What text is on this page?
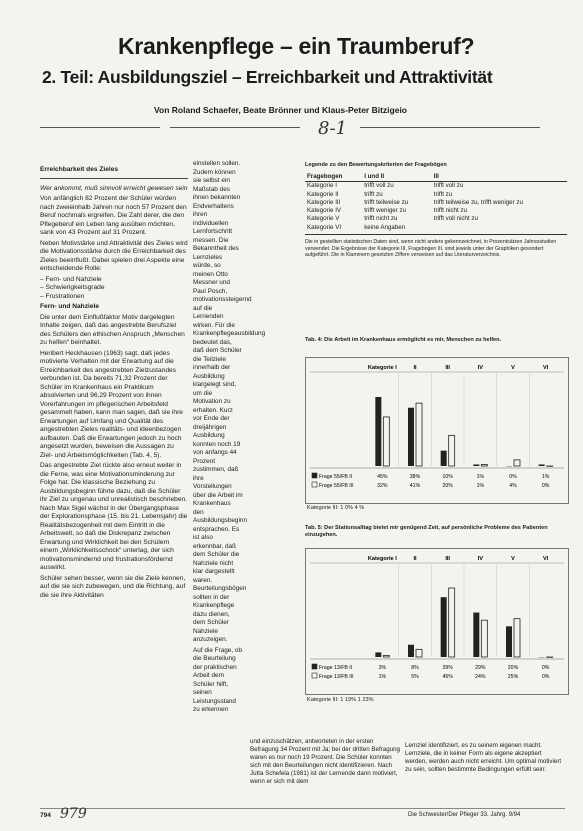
Krankenpflege – ein Traumberuf?
2. Teil: Ausbildungsziel – Erreichbarkeit und Attraktivität
Von Roland Schaefer, Beate Brönner und Klaus-Peter Bitzigeio
8-1

Erreichbarkeit des Zieles

Wer ankommt, muß sinnvoll erreicht gewesen sein

Von anfänglich 82 Prozent der Schüler würden nach zweieinhalb Jahren nur noch 57 Prozent den Beruf nochmals ergreifen. Die Zahl derer, die den Pflegeberuf ein Leben lang ausüben möchten, sank von 43 Prozent auf 31 Prozent.

Neben Motivstärke und Attraktivität des Zieles wird die Motivationsstärke durch die Erreichbarkeit des Zieles beeinflußt. Dabei spielen drei Aspekte eine entscheidende Rolle:

– Fern- und Nahziele

– Schwierigkeitsgrade

– Frustrationen

Fern- und Nahziele

Die unter dem Einflußfaktor Motiv dargelegten Inhalte zeigen, daß das angestrebte Berufsziel des Schülers den ethischen Anspruch „Menschen zu helfen“ beinhaltet.

Heribert Heckhausen (1963) sagt, daß jedes motivierte Verhalten mit der Erwartung auf die Erreichbarkeit des angestrebten Zielzustandes verbunden ist. Da bereits 71,32 Prozent der Schüler im Krankenhaus ein Praktikum absolvierten und 96,29 Prozent von ihnen Vorerfahrungen im pflegerischen Arbeitsfeld gesammelt haben, kann man sagen, daß sie ihre Erwartungen auf Umfang und Qualität des angestrebten Zieles realitäts- und ideenbezogen aufbauten. Daß die Erwartungen jedoch zu hoch angesetzt wurden, beweisen die Aussagen zu Ziel- und Arbeitsmöglichkeiten (Tab. 4, 5).

Das angestrebte Ziel rückte also erneut weiter in die Ferne, was eine Motivationsminderung zur Folge hat. Die klassische Beziehung zu Ausbildungsbeginn führte dazu, daß die Schüler ihr Ziel zu ungenau und unrealistisch beschrieben. Nach Max Sigel wächst in der Übergangsphase der Explorationsphase (15. bis 21. Lebensjahr) die Realitätsbezogenheit mit dem Eintritt in die Arbeitswelt, so daß die Diskrepanz zwischen Erwartung und Wirklichkeit bei den Schülern einem „Wirklichkeitsschock“ unterlag, der sich motivationsmindernd und frustrationsfördernd auswirkt.

Schüler sehen besser, wenn sie die Ziele kennen, auf die sie sich zubewegen, und die Richtung, auf die sie ihre Aktivitäten

einstellen sollen. Zudem können sie selbst ein Maßstab des ihnen bekannten Endverhaltens ihren individuellen Lernfortschritt messen. Die Bekanntheit des Lernzieles würde, so meinen Otto Messner und Paul Posch, motivationssteigernd auf die Lernenden wirken. Für die Krankenpflegeausbildung bedeutet das, daß dem Schüler die Teilziele innerhalb der Ausbildung klargelegt sind, um die Motivation zu erhalten. Kurz vor Ende der dreijährigen Ausbildung konnten noch 19 von anfangs 44 Prozent zustimmen, daß ihre Vorstellungen über die Arbeit im Krankenhaus den Ausbildungsbeginn entsprachen. Es ist also erkennbar, daß dem Schüler die Nahziele nicht klar dargestellt waren. Beurteilungsbögen sollten in der Krankenpflege dazu dienen, dem Schüler Nahziele anzuzeigen.

Auf die Frage, ob die Beurteilung der praktischen Arbeit dem Schüler hilft, seinen Leistungsstand zu erkennen

und einzuschätzen, antworteten in der ersten Befragung 34 Prozent mit Ja; bei der dritten Befragung waren es nur noch 19 Prozent. Die Schüler konnten sich mit den Beurteilungen nicht identifizieren. Nach Jutta Schefela (1981) ist der Lernende dann motiviert, wenn er sich mit dem
Lernziel identifiziert, es zu seinem eigenen macht. Lernziele, die in keiner Form als eigene akzeptiert werden, werden auch nicht erreicht. Um optimal motiviert zu sein, sollten bestimmte Bedingungen erfüllt sein:
Legende zu den Bewertungskriterien der Fragebögen
Fragebogen	I und II	III
Kategorie I	trifft voll zu	trifft voll zu
Kategorie II	trifft zu	trifft zu
Kategorie III	trifft teilweise zu	trifft teilweise zu, trifft weniger zu
Kategorie IV	trifft weniger zu	trifft nicht zu
Kategorie V	trifft nicht zu	trifft voll nicht zu
Kategorie VI	keine Angaben	
Die in gestellten statistischen Daten sind, wenn nicht anders gekennzeichnet, in Prozentsätzen Jahresstudien verwendet. Die Ergebnisse der Kategorie III, Fragebogen III, sind jeweils unter der Graphiken gesondert aufgeführt. Die in Klammern gesetzten Ziffern verweisen auf das Literaturverzeichnis.
Tab. 4: Die Arbeit im Krankenhaus ermöglicht es mir, Menschen zu helfen.
Kategorie I	II	III	IV	V	VI
Frage 55/FB II	45%	38%	10%	1%	0%	1%
Frage 55/FB III	32%	41%	20%	1%	4%	0%
Kategorie III: 1 0% 4 %
Tab. 5: Der Stationsalltag bietet mir genügend Zeit, auf persönliche Probleme des Patienten einzugehen.
Kategorie I	II	III	IV	V	VI
Frage 13/FB II	3%	8%	39%	29%	20%	0%
Frage 13/FB III	1%	5%	45%	24%	25%	0%
Kategorie III: 1 19% 1 23%
794 979	Die Schwester/Der Pfleger 33. Jahrg. 9/94
